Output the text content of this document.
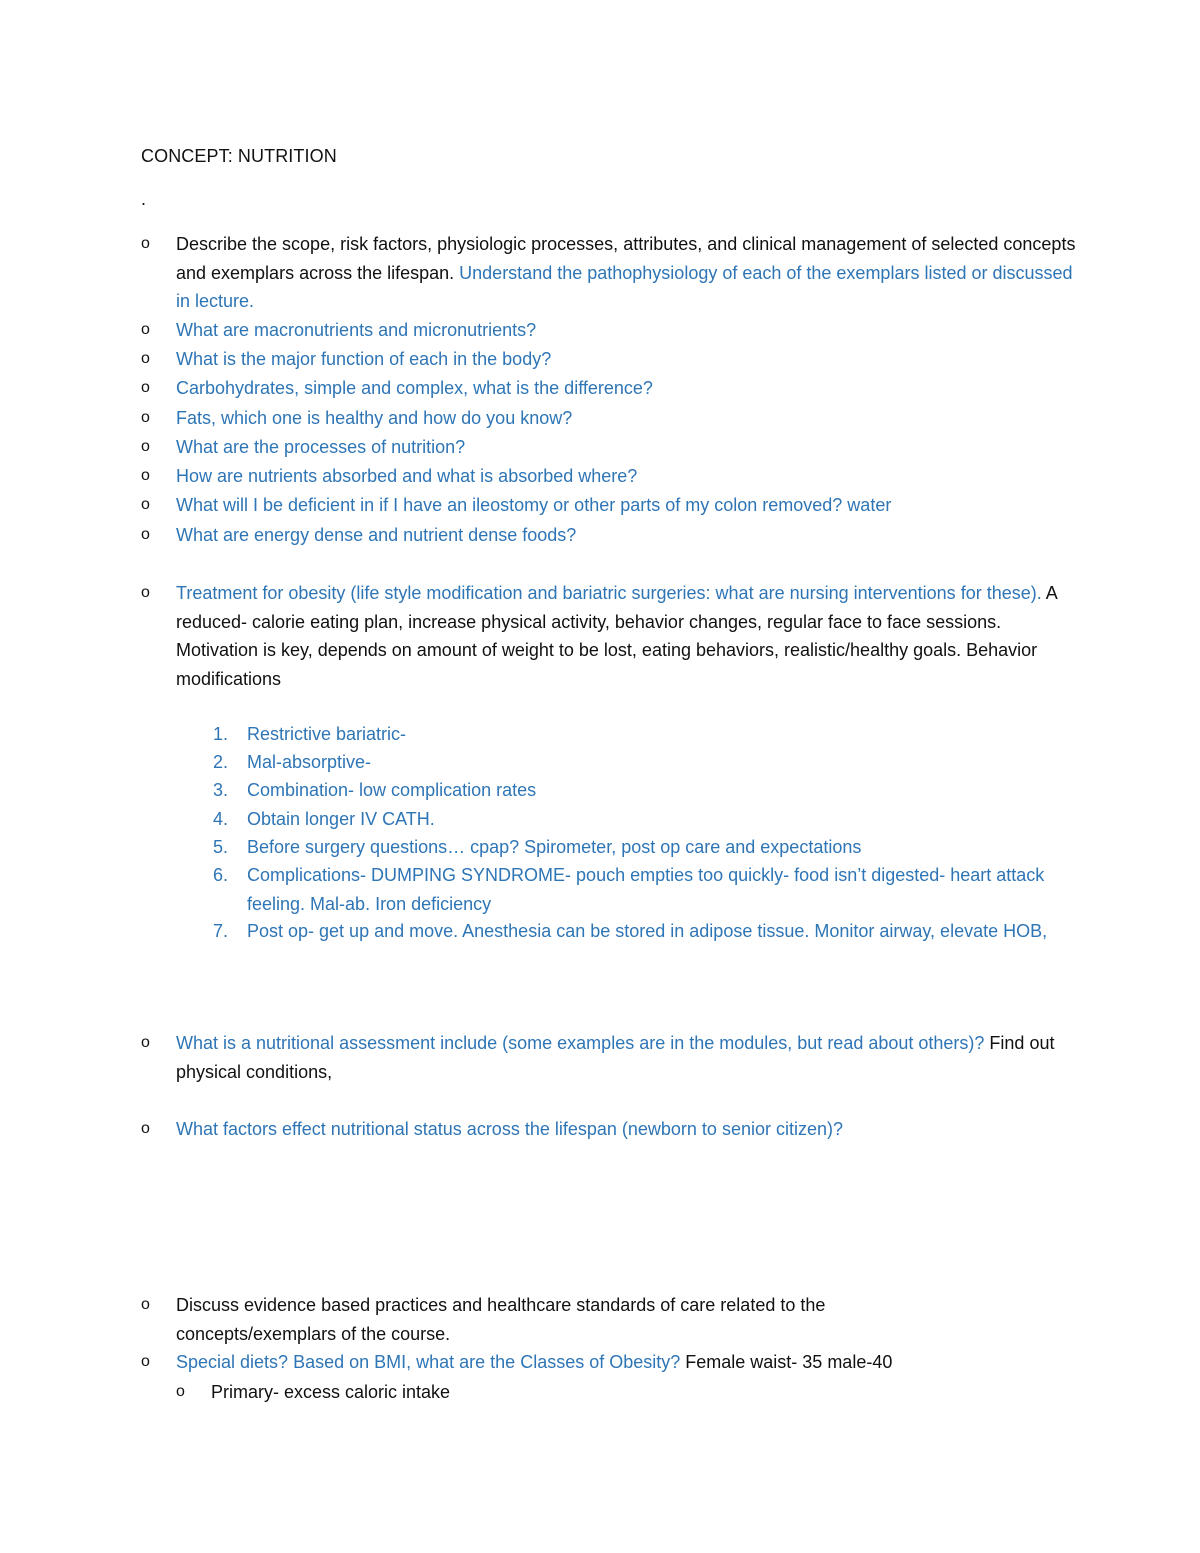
CONCEPT: NUTRITION
.
o Describe the scope, risk factors, physiologic processes, attributes, and clinical management of selected concepts and exemplars across the lifespan. Understand the pathophysiology of each of the exemplars listed or discussed in lecture.
o What are macronutrients and micronutrients?
o What is the major function of each in the body?
o Carbohydrates, simple and complex, what is the difference?
o Fats, which one is healthy and how do you know?
o What are the processes of nutrition?
o How are nutrients absorbed and what is absorbed where?
o What will I be deficient in if I have an ileostomy or other parts of my colon removed? water
o What are energy dense and nutrient dense foods?
o Treatment for obesity (life style modification and bariatric surgeries: what are nursing interventions for these). A reduced- calorie eating plan, increase physical activity, behavior changes, regular face to face sessions. Motivation is key, depends on amount of weight to be lost, eating behaviors, realistic/healthy goals. Behavior modifications
1. Restrictive bariatric-
2. Mal-absorptive-
3. Combination- low complication rates
4. Obtain longer IV CATH.
5. Before surgery questions… cpap? Spirometer, post op care and expectations
6. Complications- DUMPING SYNDROME- pouch empties too quickly- food isn’t digested- heart attack feeling. Mal-ab. Iron deficiency
7. Post op- get up and move. Anesthesia can be stored in adipose tissue. Monitor airway, elevate HOB,
o What is a nutritional assessment include (some examples are in the modules, but read about others)? Find out physical conditions,
o What factors effect nutritional status across the lifespan (newborn to senior citizen)?
o Discuss evidence based practices and healthcare standards of care related to the concepts/exemplars of the course.
o Special diets? Based on BMI, what are the Classes of Obesity? Female waist- 35 male-40
o Primary- excess caloric intake
